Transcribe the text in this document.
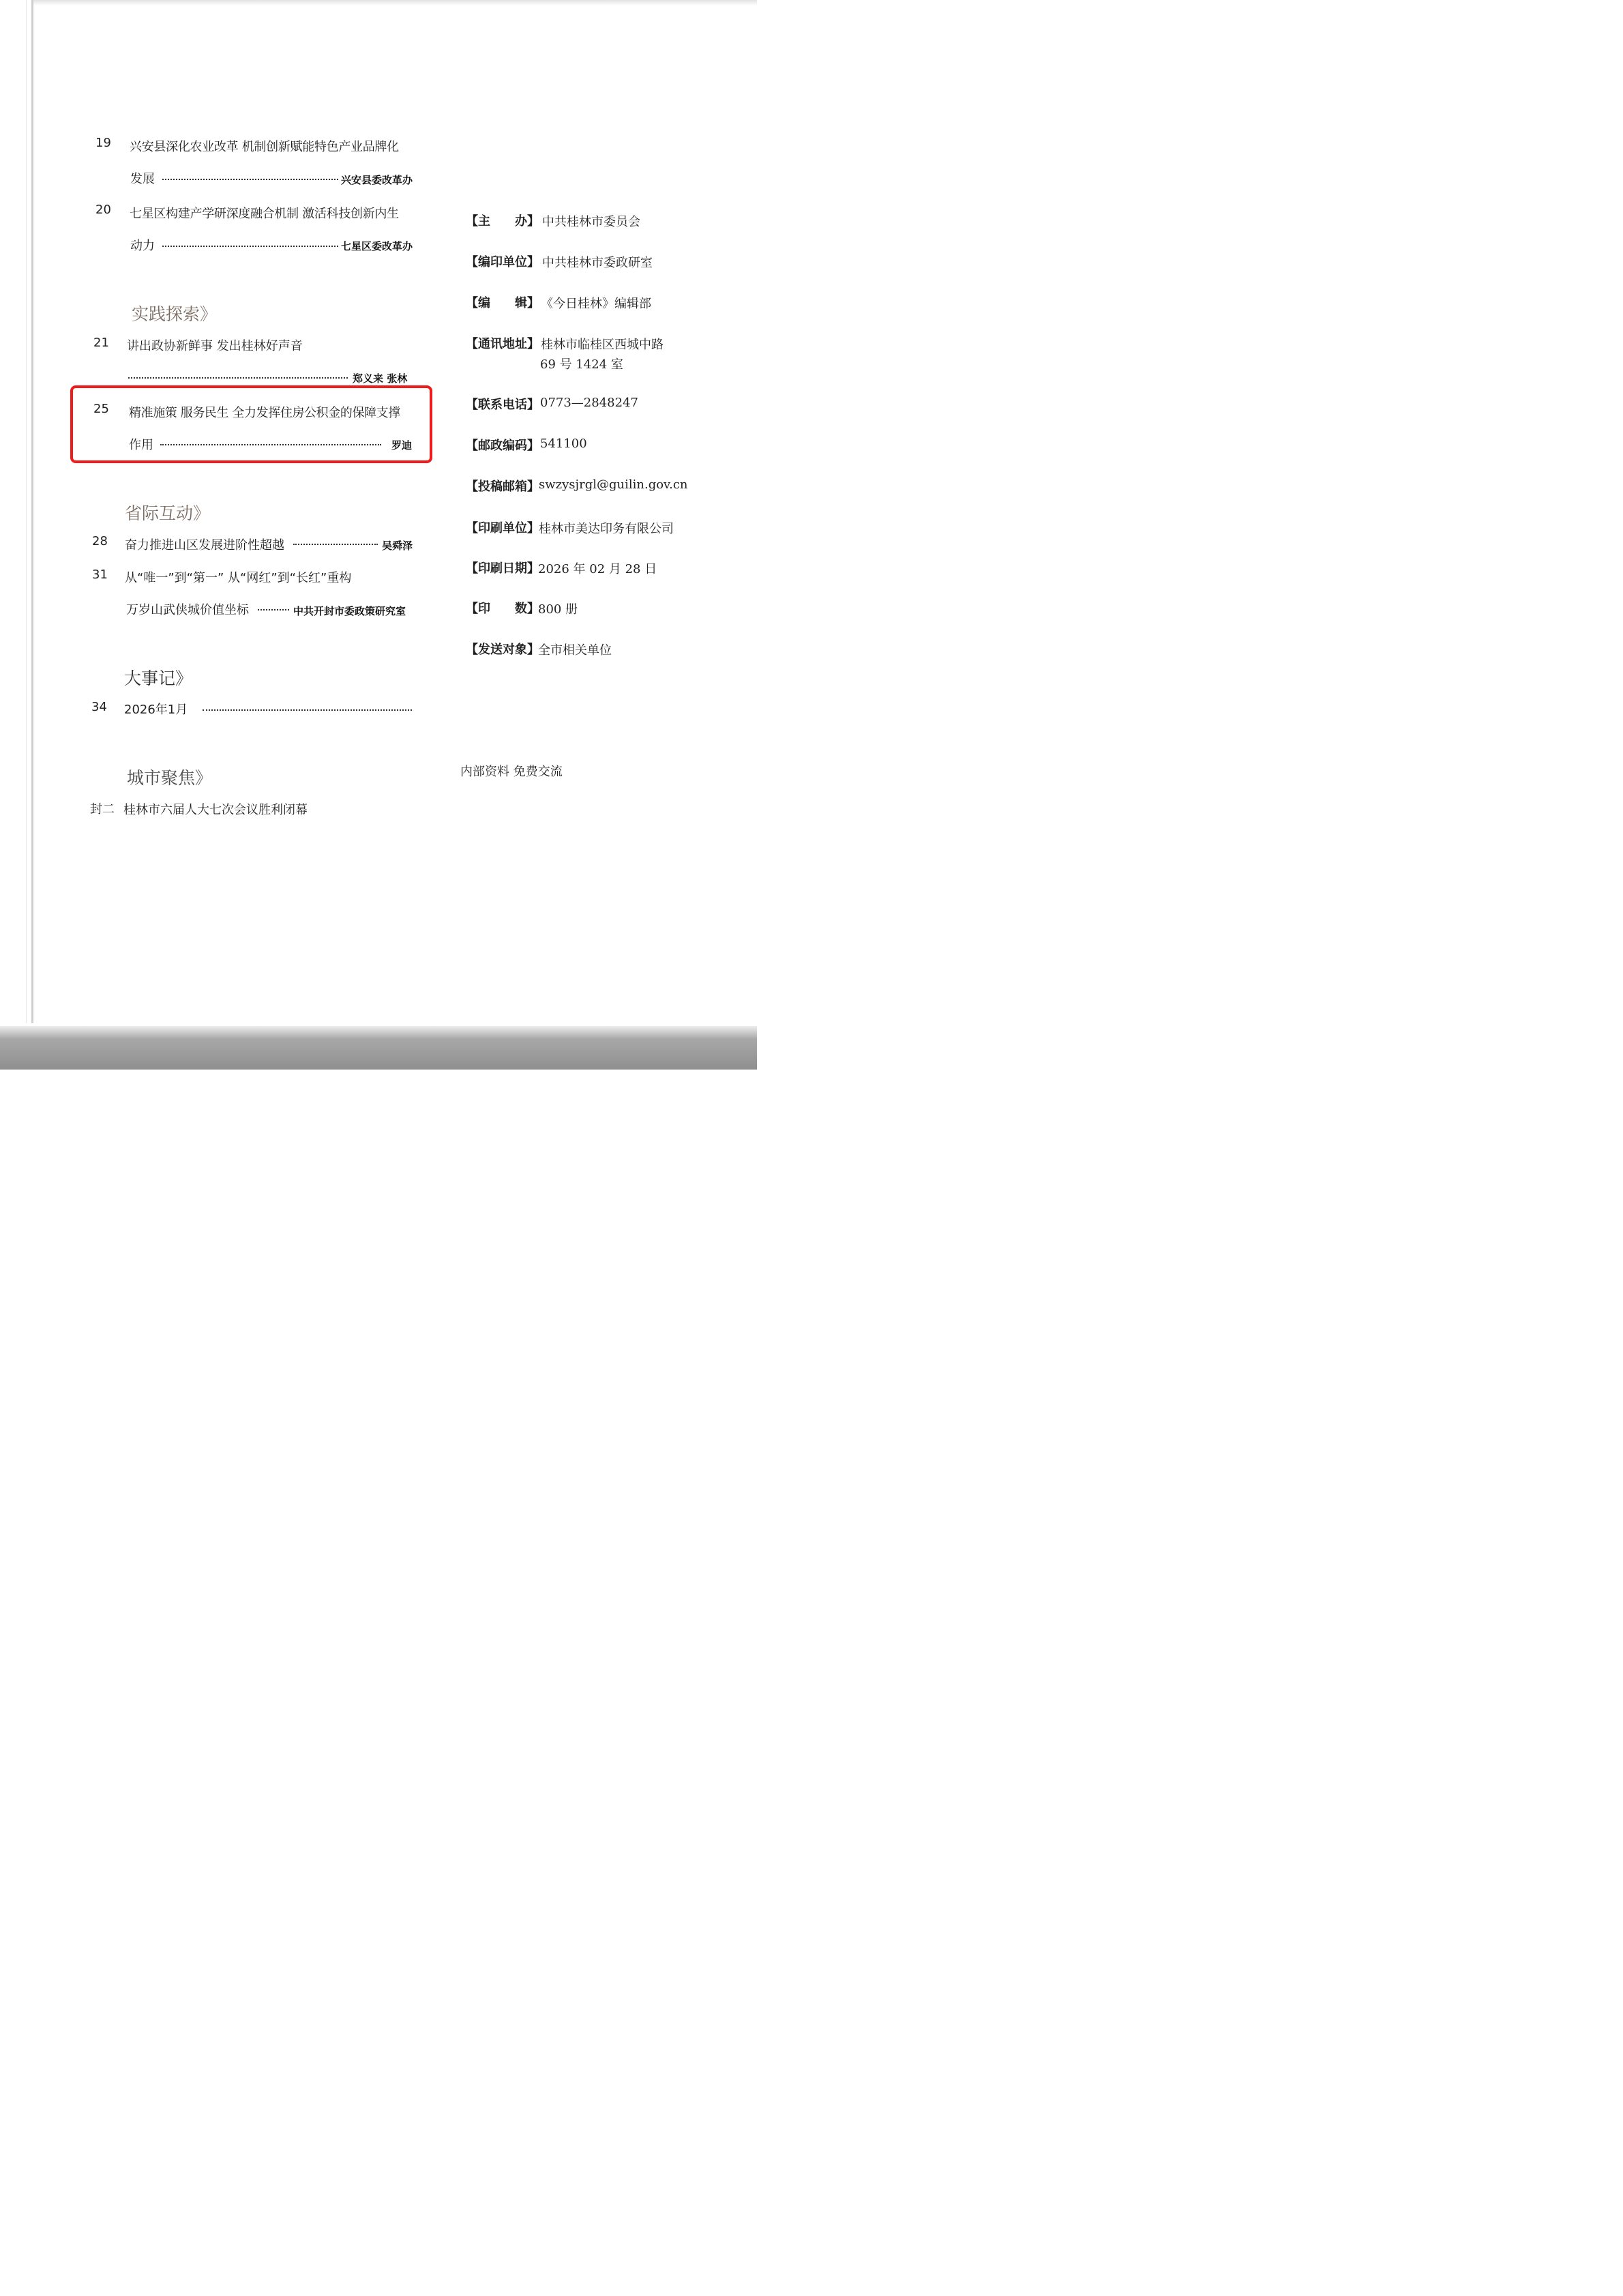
19 兴安县深化农业改革 机制创新赋能特色产业品牌化
发展	兴安县委改革办
20 七星区构建产学研深度融合机制 激活科技创新内生
动力	七星区委改革办
实践探索》
21 讲出政协新鲜事 发出桂林好声音
郑义来 张林
25 精准施策 服务民生 全力发挥住房公积金的保障支撑
作用	罗迪
省际互动》
28 奋力推进山区发展进阶性超越	吴舜泽
31 从“唯一”到“第一” 从“网红”到“长红”重构
万岁山武侠城价值坐标	中共开封市委政策研究室
大事记》
34 2026年1月
城市聚焦》
封二 桂林市六届人大七次会议胜利闭幕
【主　　办】 中共桂林市委员会
【编印单位】 中共桂林市委政研室
【编　　辑】 《今日桂林》编辑部
【通讯地址】 桂林市临桂区西城中路
69 号 1424 室
【联系电话】 0773—2848247
【邮政编码】 541100
【投稿邮箱】 swzysjrgl@guilin.gov.cn
【印刷单位】 桂林市美达印务有限公司
【印刷日期】
2026 年 02 月 28 日
【印　　数】
800 册
【发送对象】
全市相关单位
内部资料 免费交流
